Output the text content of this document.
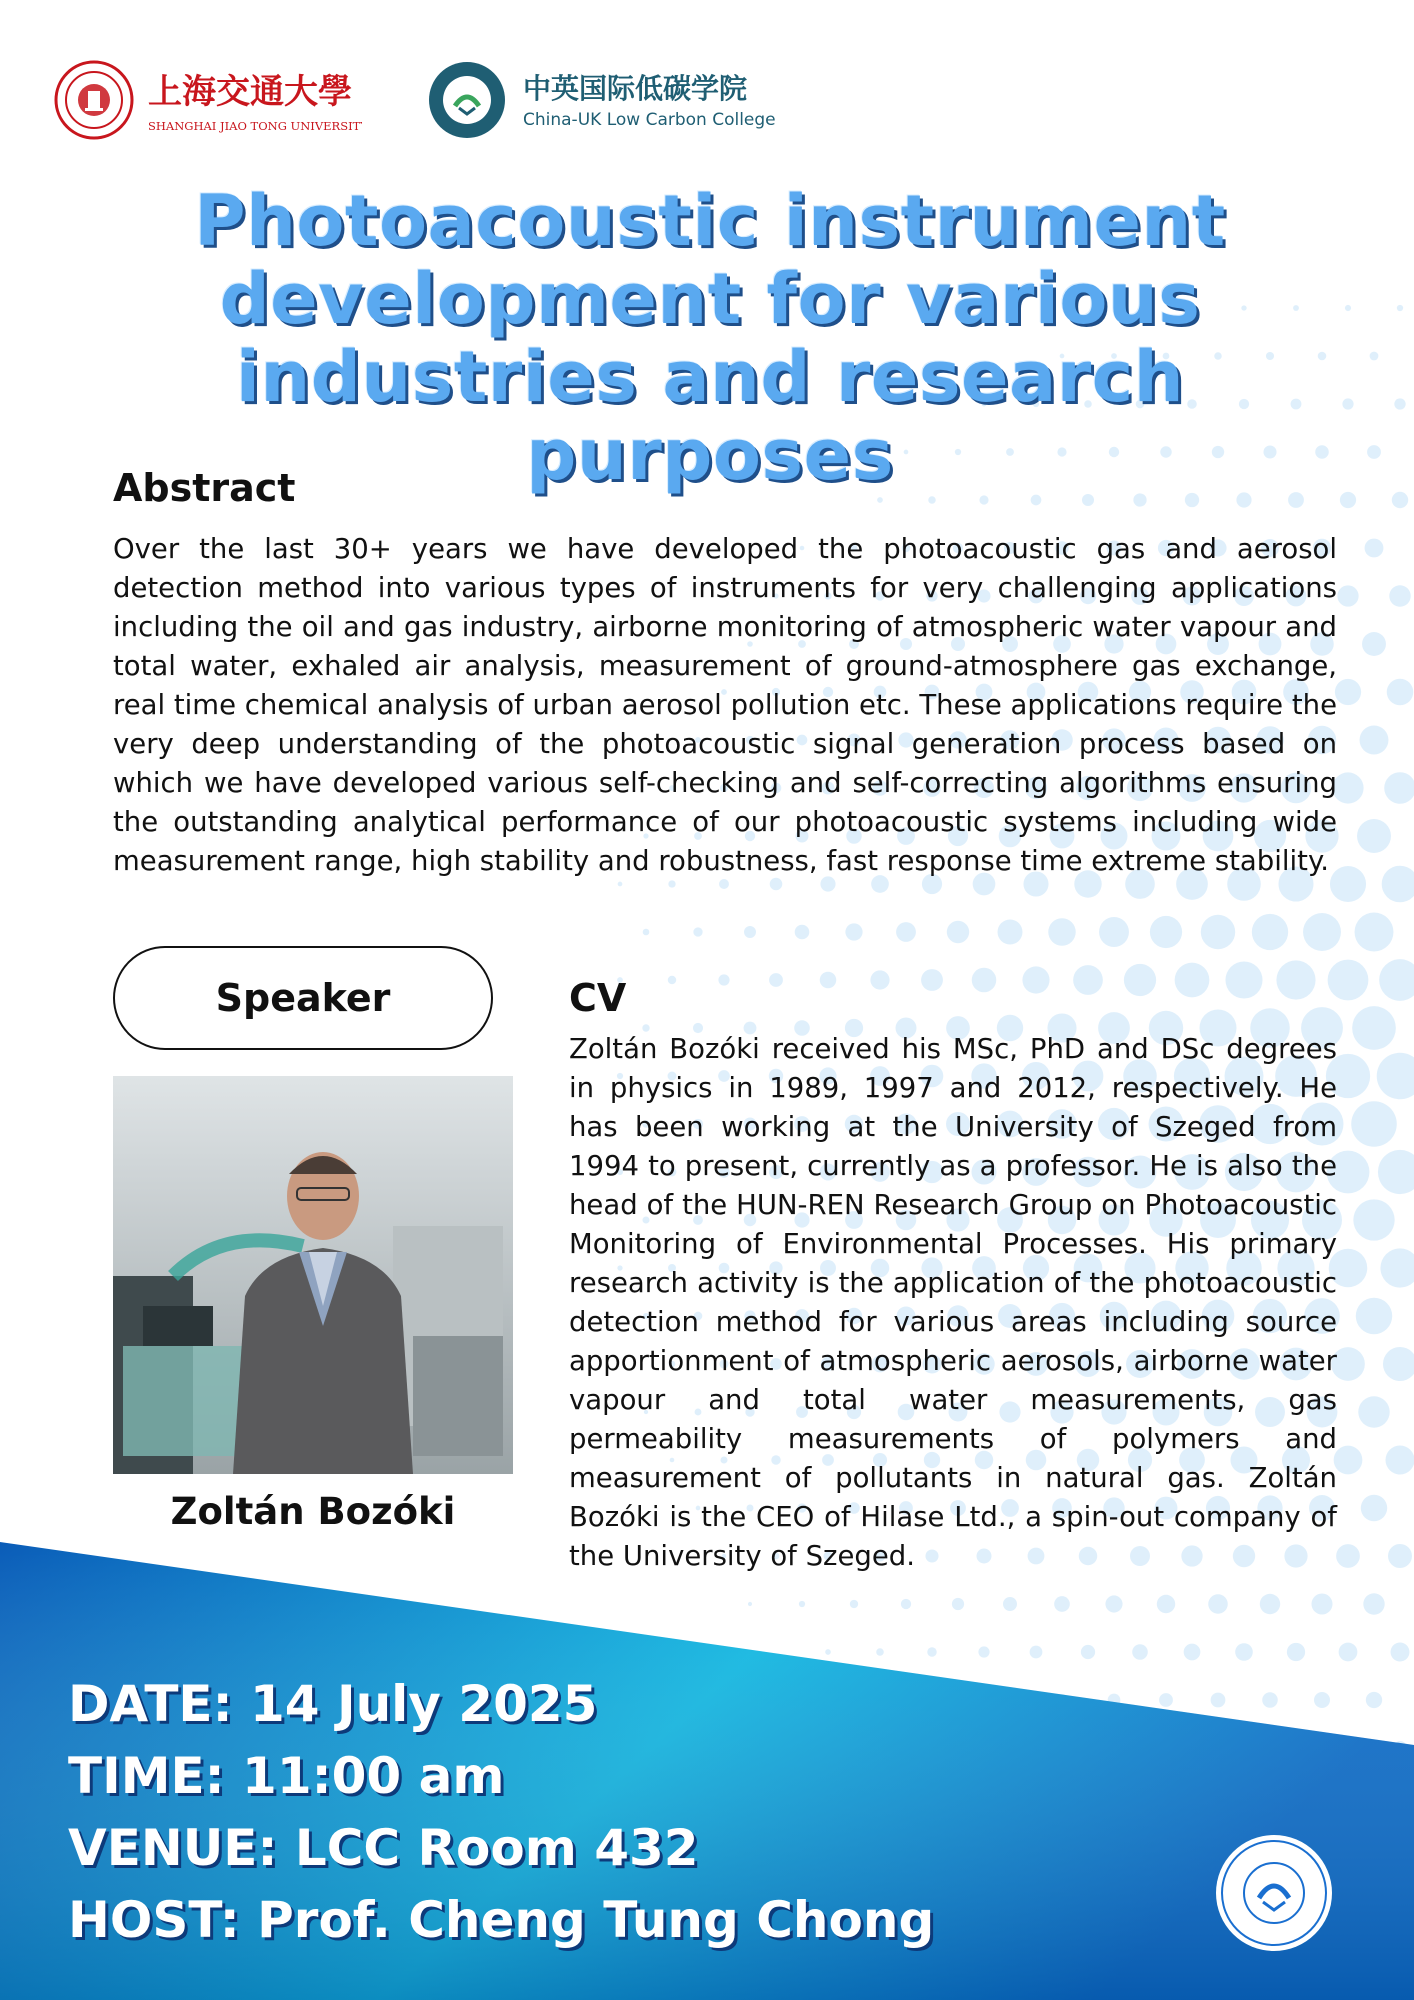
上海交通大學
SHANGHAI JIAO TONG UNIVERSITY
中英国际低碳学院
China-UK Low Carbon College
Photoacoustic instrument
development for various
industries and research purposes
Abstract
Over the last 30+ years we have developed the photoacoustic gas and aerosol detection method into various types of instruments for very challenging applications including the oil and gas industry, airborne monitoring of atmospheric water vapour and total water, exhaled air analysis, measurement of ground-atmosphere gas exchange, real time chemical analysis of urban aerosol pollution etc. These applications require the very deep understanding of the photoacoustic signal generation process based on which we have developed various self-checking and self-correcting algorithms ensuring the outstanding analytical performance of our photoacoustic systems including wide measurement range, high stability and robustness, fast response time extreme stability.
Speaker
Zoltán Bozóki
CV
Zoltán Bozóki received his MSc, PhD and DSc degrees in physics in 1989, 1997 and 2012, respectively. He has been working at the University of Szeged from 1994 to present, currently as a professor. He is also the head of the HUN-REN Research Group on Photoacoustic Monitoring of Environmental Processes. His primary research activity is the application of the photoacoustic detection method for various areas including source apportionment of atmospheric aerosols, airborne water vapour and total water measurements, gas permeability measurements of polymers and measurement of pollutants in natural gas. Zoltán Bozóki is the CEO of Hilase Ltd., a spin-out company of the University of Szeged.
DATE: 14 July 2025
TIME: 11:00 am
VENUE: LCC Room 432
HOST: Prof. Cheng Tung Chong
